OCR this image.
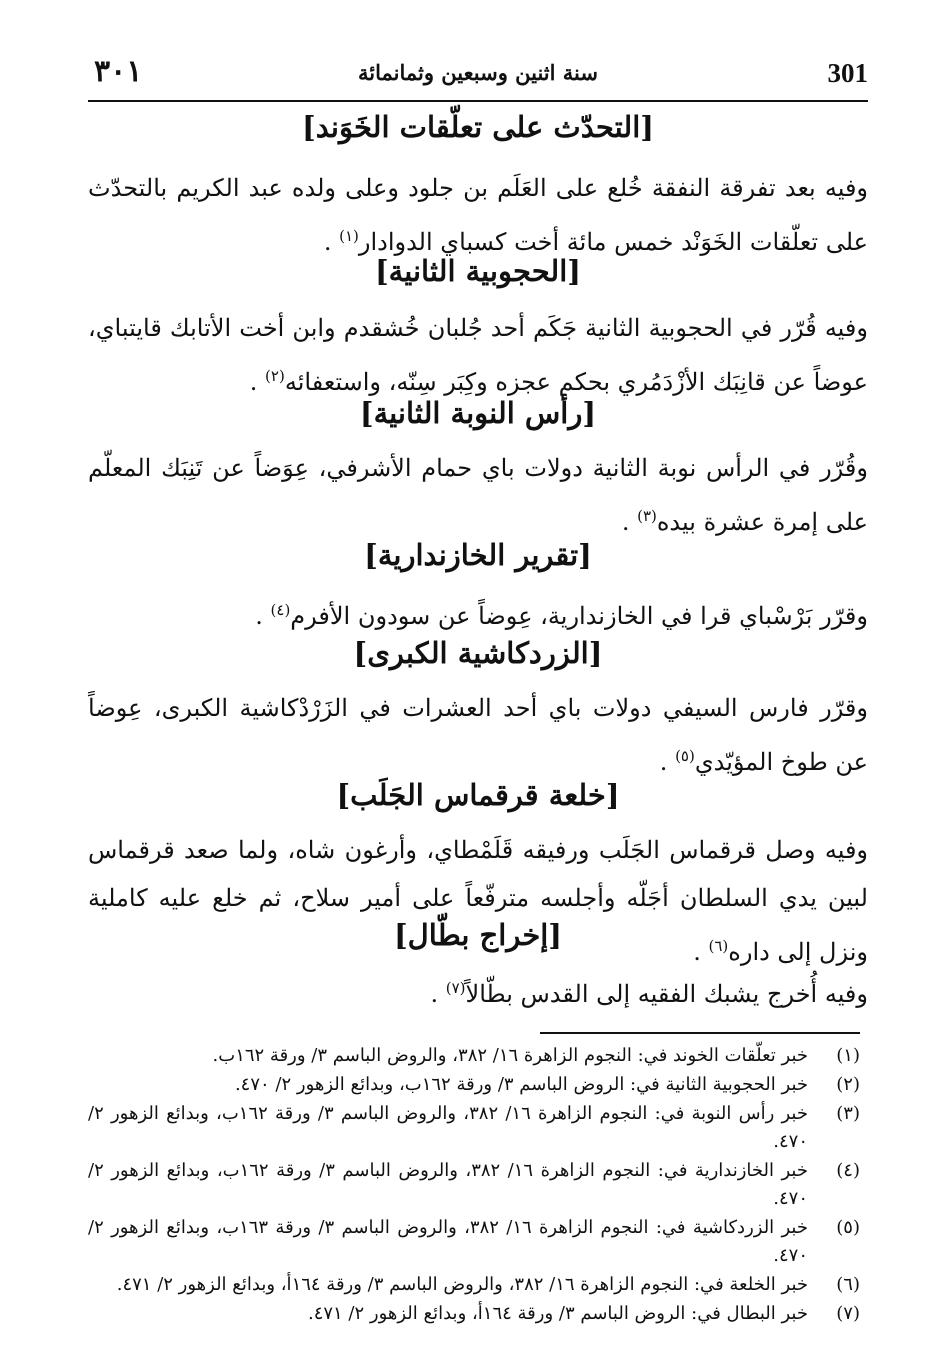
٣٠١	سنة اثنين وسبعين وثمانمائة	301
[التحدّث على تعلّقات الخَوَند]
وفيه بعد تفرقة النفقة خُلع على العَلَم بن جلود وعلى ولده عبد الكريم بالتحدّث على تعلّقات الخَوَنْد خمس مائة أخت كسباي الدوادار$^{(١)}$ .
[الحجوبية الثانية]
وفيه قُرّر في الحجوبية الثانية جَكَم أحد جُلبان خُشقدم وابن أخت الأتابك قايتباي، عوضاً عن قانِبَك الأزْدَمُري بحكم عجزه وكِبَر سِنّه، واستعفائه$^{(٢)}$ .
[رأس النوبة الثانية]
وقُرّر في الرأس نوبة الثانية دولات باي حمام الأشرفي، عِوَضاً عن تَنِبَك المعلّم على إمرة عشرة بيده$^{(٣)}$ .
[تقرير الخازندارية]
وقرّر بَرْسْباي قرا في الخازندارية، عِوضاً عن سودون الأفرم$^{(٤)}$ .
[الزردكاشية الكبرى]
وقرّر فارس السيفي دولات باي أحد العشرات في الزَرْدْكاشية الكبرى، عِوضاً عن طوخ المؤيّدي$^{(٥)}$ .
[خلعة قرقماس الجَلَب]
وفيه وصل قرقماس الجَلَب ورفيقه قَلَمْطاي، وأرغون شاه، ولما صعد قرقماس لبين يدي السلطان أجَلّه وأجلسه مترفّعاً على أمير سلاح، ثم خلع عليه كاملية ونزل إلى داره$^{(٦)}$ .
[إخراج بطّال]
وفيه أُخرج يشبك الفقيه إلى القدس بطّالاً$^{(٧)}$ .
(١)
خبر تعلّقات الخوند في: النجوم الزاهرة ١٦/ ٣٨٢، والروض الباسم ٣/ ورقة ١٦٢ب.
(٢)
خبر الحجوبية الثانية في: الروض الباسم ٣/ ورقة ١٦٢ب، وبدائع الزهور ٢/ ٤٧٠.
(٣)
خبر رأس النوبة في: النجوم الزاهرة ١٦/ ٣٨٢، والروض الباسم ٣/ ورقة ١٦٢ب، وبدائع الزهور ٢/ ٤٧٠.
(٤)
خبر الخازندارية في: النجوم الزاهرة ١٦/ ٣٨٢، والروض الباسم ٣/ ورقة ١٦٢ب، وبدائع الزهور ٢/ ٤٧٠.
(٥)
خبر الزردكاشية في: النجوم الزاهرة ١٦/ ٣٨٢، والروض الباسم ٣/ ورقة ١٦٣ب، وبدائع الزهور ٢/ ٤٧٠.
(٦)
خبر الخلعة في: النجوم الزاهرة ١٦/ ٣٨٢، والروض الباسم ٣/ ورقة ١٦٤أ، وبدائع الزهور ٢/ ٤٧١.
(٧)
خبر البطال في: الروض الباسم ٣/ ورقة ١٦٤أ، وبدائع الزهور ٢/ ٤٧١.
